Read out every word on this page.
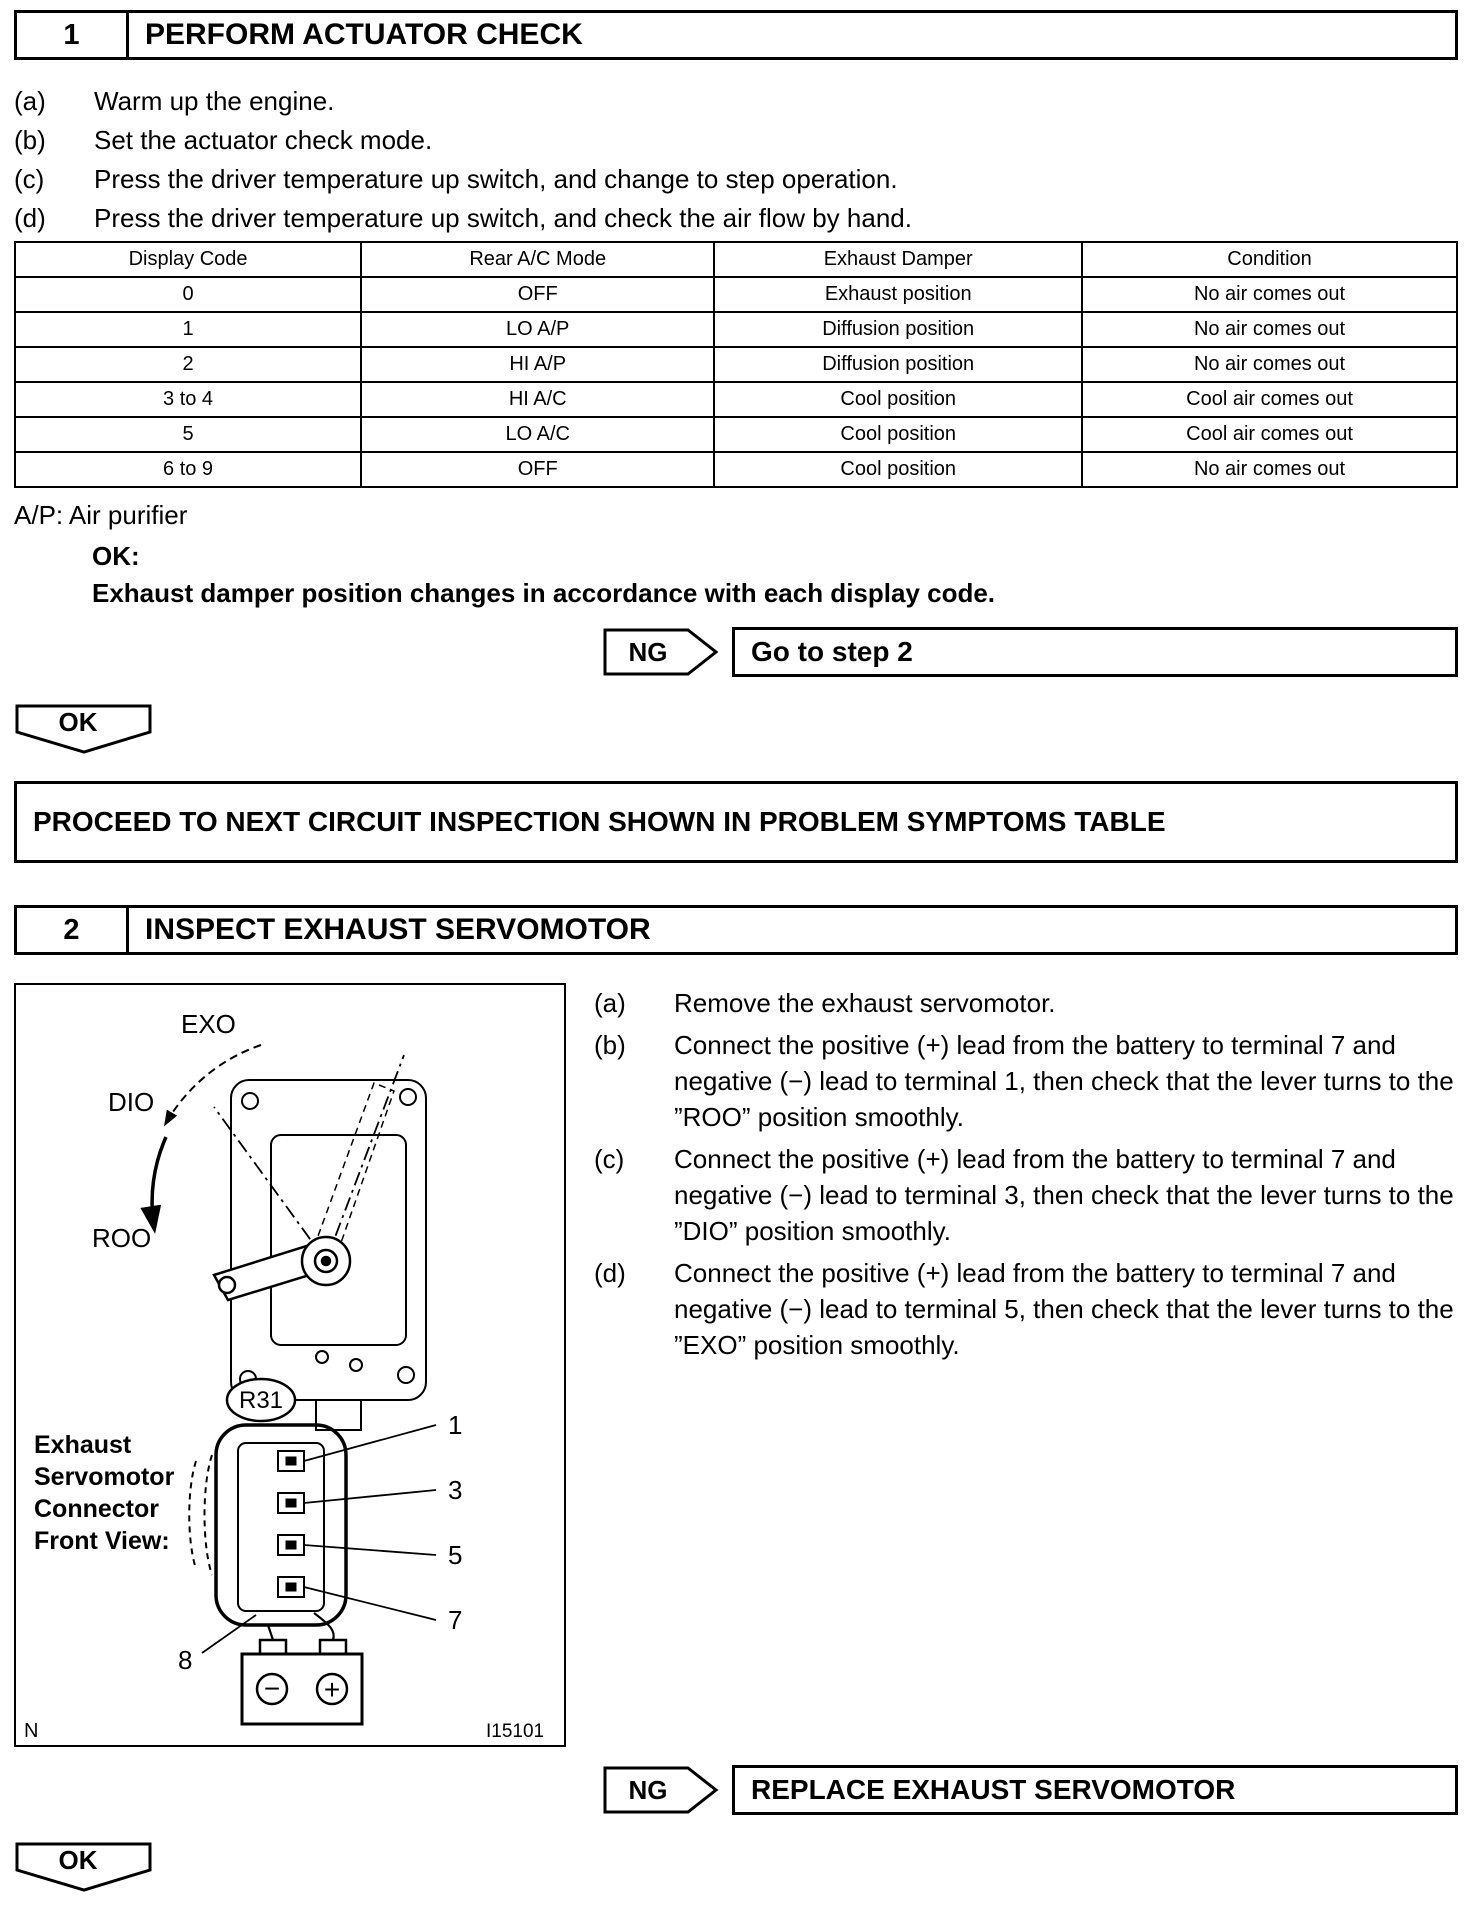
1	PERFORM ACTUATOR CHECK
(a)	Warm up the engine.
(b)	Set the actuator check mode.
(c)	Press the driver temperature up switch, and change to step operation.
(d)	Press the driver temperature up switch, and check the air flow by hand.
Display Code	Rear A/C Mode	Exhaust Damper	Condition
0	OFF	Exhaust position	No air comes out
1	LO A/P	Diffusion position	No air comes out
2	HI A/P	Diffusion position	No air comes out
3 to 4	HI A/C	Cool position	Cool air comes out
5	LO A/C	Cool position	Cool air comes out
6 to 9	OFF	Cool position	No air comes out
A/P: Air purifier
OK:
Exhaust damper position changes in accordance with each display code.
NG	Go to step 2
OK
PROCEED TO NEXT CIRCUIT INSPECTION SHOWN IN PROBLEM SYMPTOMS TABLE
2	INSPECT EXHAUST SERVOMOTOR
EXO
DIO
ROO
R31
Exhaust
Servomotor
Connector
Front View:
1
3
5
7
8
− +
N	I15101
(a)	Remove the exhaust servomotor.
(b)	Connect the positive (+) lead from the battery to terminal 7 and negative (−) lead to terminal 1, then check that the lever turns to the ”ROO” position smoothly.
(c)	Connect the positive (+) lead from the battery to terminal 7 and negative (−) lead to terminal 3, then check that the lever turns to the ”DIO” position smoothly.
(d)	Connect the positive (+) lead from the battery to terminal 7 and negative (−) lead to terminal 5, then check that the lever turns to the ”EXO” position smoothly.
NG	REPLACE EXHAUST SERVOMOTOR
OK
